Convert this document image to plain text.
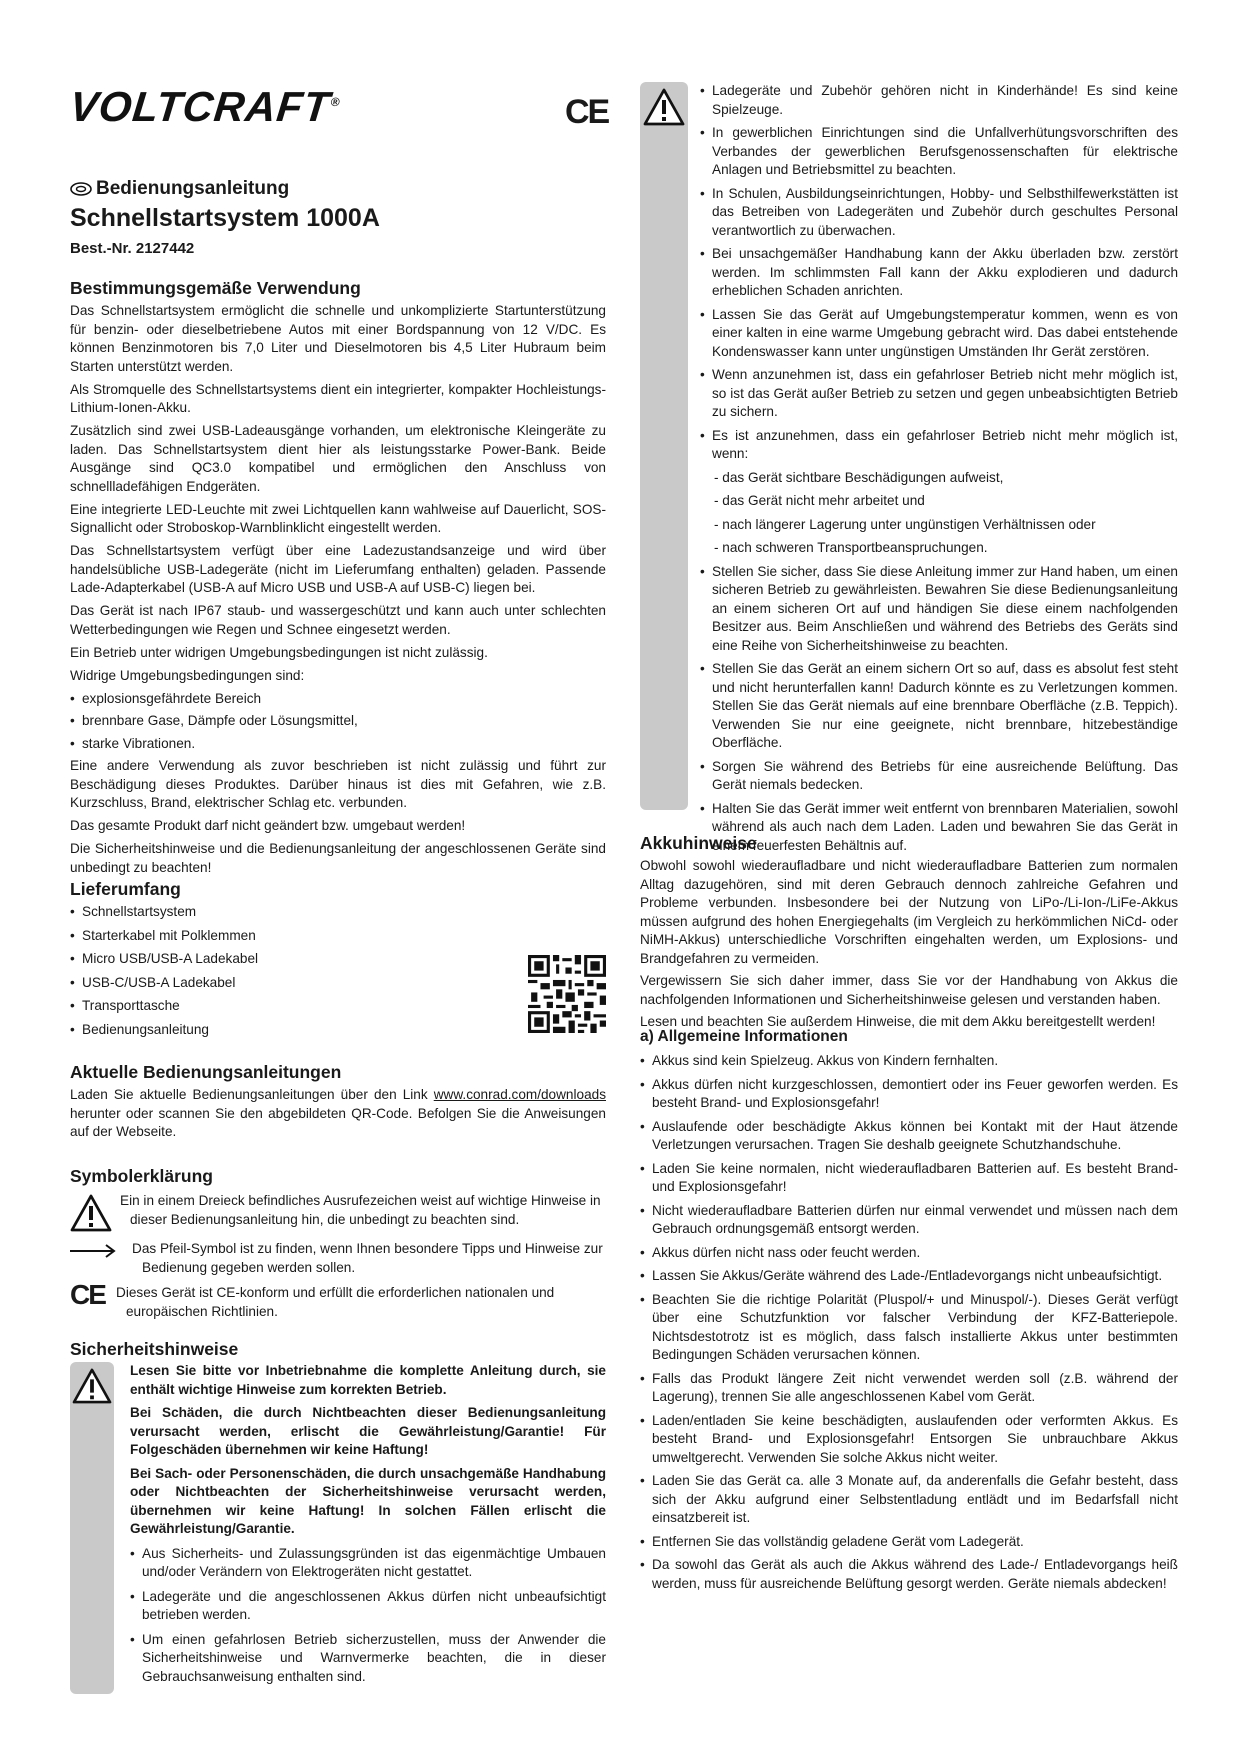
VOLTCRAFT®	CE
Bedienungsanleitung
Schnellstartsystem 1000A
Best.-Nr. 2127442
Bestimmungsgemäße Verwendung

Das Schnellstartsystem ermöglicht die schnelle und unkomplizierte Startunterstützung für benzin- oder dieselbetriebene Autos mit einer Bordspannung von 12 V/DC. Es können Benzinmotoren bis 7,0 Liter und Dieselmotoren bis 4,5 Liter Hubraum beim Starten unterstützt werden.

Als Stromquelle des Schnellstartsystems dient ein integrierter, kompakter Hochleistungs-Lithium-Ionen-Akku.

Zusätzlich sind zwei USB-Ladeausgänge vorhanden, um elektronische Kleingeräte zu laden. Das Schnellstartsystem dient hier als leistungsstarke Power-Bank. Beide Ausgänge sind QC3.0 kompatibel und ermöglichen den Anschluss von schnellladefähigen Endgeräten.

Eine integrierte LED-Leuchte mit zwei Lichtquellen kann wahlweise auf Dauerlicht, SOS-Signallicht oder Stroboskop-Warnblinklicht eingestellt werden.

Das Schnellstartsystem verfügt über eine Ladezustandsanzeige und wird über handelsübliche USB-Ladegeräte (nicht im Lieferumfang enthalten) geladen. Passende Lade-Adapterkabel (USB-A auf Micro USB und USB-A auf USB-C) liegen bei.

Das Gerät ist nach IP67 staub- und wassergeschützt und kann auch unter schlechten Wetterbedingungen wie Regen und Schnee eingesetzt werden.

Ein Betrieb unter widrigen Umgebungsbedingungen ist nicht zulässig.

Widrige Umgebungsbedingungen sind:

• explosionsgefährdete Bereich
• brennbare Gase, Dämpfe oder Lösungsmittel,
• starke Vibrationen.

Eine andere Verwendung als zuvor beschrieben ist nicht zulässig und führt zur Beschädigung dieses Produktes. Darüber hinaus ist dies mit Gefahren, wie z.B. Kurzschluss, Brand, elektrischer Schlag etc. verbunden.

Das gesamte Produkt darf nicht geändert bzw. umgebaut werden!

Die Sicherheitshinweise und die Bedienungsanleitung der angeschlossenen Geräte sind unbedingt zu beachten!

Lieferumfang
• Schnellstartsystem
• Starterkabel mit Polklemmen
• Micro USB/USB-A Ladekabel
• USB-C/USB-A Ladekabel
• Transporttasche
• Bedienungsanleitung
Aktuelle Bedienungsanleitungen

Laden Sie aktuelle Bedienungsanleitungen über den Link www.conrad.com/downloads herunter oder scannen Sie den abgebildeten QR-Code. Befolgen Sie die Anweisungen auf der Webseite.

Symbolerklärung

Ein in einem Dreieck befindliches Ausrufezeichen weist auf wichtige Hinweise in dieser Bedienungsanleitung hin, die unbedingt zu beachten sind.

Das Pfeil-Symbol ist zu finden, wenn Ihnen besondere Tipps und Hinweise zur Bedienung gegeben werden sollen.

C​E Dieses Gerät ist CE-konform und erfüllt die erforderlichen nationalen und europäischen Richtlinien.

Sicherheitshinweise

Lesen Sie bitte vor Inbetriebnahme die komplette Anleitung durch, sie enthält wichtige Hinweise zum korrekten Betrieb.

Bei Schäden, die durch Nichtbeachten dieser Bedienungsanleitung verursacht werden, erlischt die Gewährleistung/Garantie! Für Folgeschäden übernehmen wir keine Haftung!

Bei Sach- oder Personenschäden, die durch unsachgemäße Handhabung oder Nichtbeachten der Sicherheitshinweise verursacht werden, übernehmen wir keine Haftung! In solchen Fällen erlischt die Gewährleistung/Garantie.

• Aus Sicherheits- und Zulassungsgründen ist das eigenmächtige Umbauen und/oder Verändern von Elektrogeräten nicht gestattet.
• Ladegeräte und die angeschlossenen Akkus dürfen nicht unbeaufsichtigt betrieben werden.
• Um einen gefahrlosen Betrieb sicherzustellen, muss der Anwender die Sicherheitshinweise und Warnvermerke beachten, die in dieser Gebrauchsanweisung enthalten sind.
• Ladegeräte und Zubehör gehören nicht in Kinderhände! Es sind keine Spielzeuge.
• In gewerblichen Einrichtungen sind die Unfallverhütungsvorschriften des Verbandes der gewerblichen Berufsgenossenschaften für elektrische Anlagen und Betriebsmittel zu beachten.
• In Schulen, Ausbildungseinrichtungen, Hobby- und Selbsthilfewerkstätten ist das Betreiben von Ladegeräten und Zubehör durch geschultes Personal verantwortlich zu überwachen.
• Bei unsachgemäßer Handhabung kann der Akku überladen bzw. zerstört werden. Im schlimmsten Fall kann der Akku explodieren und dadurch erheblichen Schaden anrichten.
• Lassen Sie das Gerät auf Umgebungstemperatur kommen, wenn es von einer kalten in eine warme Umgebung gebracht wird. Das dabei entstehende Kondenswasser kann unter ungünstigen Umständen Ihr Gerät zerstören.
• Wenn anzunehmen ist, dass ein gefahrloser Betrieb nicht mehr möglich ist, so ist das Gerät außer Betrieb zu setzen und gegen unbeabsichtigten Betrieb zu sichern.
• Es ist anzunehmen, dass ein gefahrloser Betrieb nicht mehr möglich ist, wenn:
- das Gerät sichtbare Beschädigungen aufweist,
- das Gerät nicht mehr arbeitet und
- nach längerer Lagerung unter ungünstigen Verhältnissen oder
- nach schweren Transportbeanspruchungen.
• Stellen Sie sicher, dass Sie diese Anleitung immer zur Hand haben, um einen sicheren Betrieb zu gewährleisten. Bewahren Sie diese Bedienungsanleitung an einem sicheren Ort auf und händigen Sie diese einem nachfolgenden Besitzer aus. Beim Anschließen und während des Betriebs des Geräts sind eine Reihe von Sicherheitshinweise zu beachten.
• Stellen Sie das Gerät an einem sichern Ort so auf, dass es absolut fest steht und nicht herunterfallen kann! Dadurch könnte es zu Verletzungen kommen. Stellen Sie das Gerät niemals auf eine brennbare Oberfläche (z.B. Teppich). Verwenden Sie nur eine geeignete, nicht brennbare, hitzebeständige Oberfläche.
• Sorgen Sie während des Betriebs für eine ausreichende Belüftung. Das Gerät niemals bedecken.
• Halten Sie das Gerät immer weit entfernt von brennbaren Materialien, sowohl während als auch nach dem Laden. Laden und bewahren Sie das Gerät in einem feuerfesten Behältnis auf.
Akkuhinweise

Obwohl sowohl wiederaufladbare und nicht wiederaufladbare Batterien zum normalen Alltag dazugehören, sind mit deren Gebrauch dennoch zahlreiche Gefahren und Probleme verbunden. Insbesondere bei der Nutzung von LiPo-/Li-Ion-/LiFe-Akkus müssen aufgrund des hohen Energiegehalts (im Vergleich zu herkömmlichen NiCd- oder NiMH-Akkus) unterschiedliche Vorschriften eingehalten werden, um Explosions- und Brandgefahren zu vermeiden.

Vergewissern Sie sich daher immer, dass Sie vor der Handhabung von Akkus die nachfolgenden Informationen und Sicherheitshinweise gelesen und verstanden haben.

Lesen und beachten Sie außerdem Hinweise, die mit dem Akku bereitgestellt werden!

a) Allgemeine Informationen
• Akkus sind kein Spielzeug. Akkus von Kindern fernhalten.
• Akkus dürfen nicht kurzgeschlossen, demontiert oder ins Feuer geworfen werden. Es besteht Brand- und Explosionsgefahr!
• Auslaufende oder beschädigte Akkus können bei Kontakt mit der Haut ätzende Verletzungen verursachen. Tragen Sie deshalb geeignete Schutzhandschuhe.
• Laden Sie keine normalen, nicht wiederaufladbaren Batterien auf. Es besteht Brand- und Explosionsgefahr!
• Nicht wiederaufladbare Batterien dürfen nur einmal verwendet und müssen nach dem Gebrauch ordnungsgemäß entsorgt werden.
• Akkus dürfen nicht nass oder feucht werden.
• Lassen Sie Akkus/Geräte während des Lade-/Entladevorgangs nicht unbeaufsichtigt.
• Beachten Sie die richtige Polarität (Pluspol/+ und Minuspol/-). Dieses Gerät verfügt über eine Schutzfunktion vor falscher Verbindung der KFZ-Batteriepole. Nichtsdestotrotz ist es möglich, dass falsch installierte Akkus unter bestimmten Bedingungen Schäden verursachen können.
• Falls das Produkt längere Zeit nicht verwendet werden soll (z.B. während der Lagerung), trennen Sie alle angeschlossenen Kabel vom Gerät.
• Laden/entladen Sie keine beschädigten, auslaufenden oder verformten Akkus. Es besteht Brand- und Explosionsgefahr! Entsorgen Sie unbrauchbare Akkus umweltgerecht. Verwenden Sie solche Akkus nicht weiter.
• Laden Sie das Gerät ca. alle 3 Monate auf, da anderenfalls die Gefahr besteht, dass sich der Akku aufgrund einer Selbstentladung entlädt und im Bedarfsfall nicht einsatzbereit ist.
• Entfernen Sie das vollständig geladene Gerät vom Ladegerät.
• Da sowohl das Gerät als auch die Akkus während des Lade-/ Entladevorgangs heiß werden, muss für ausreichende Belüftung gesorgt werden. Geräte niemals abdecken!
